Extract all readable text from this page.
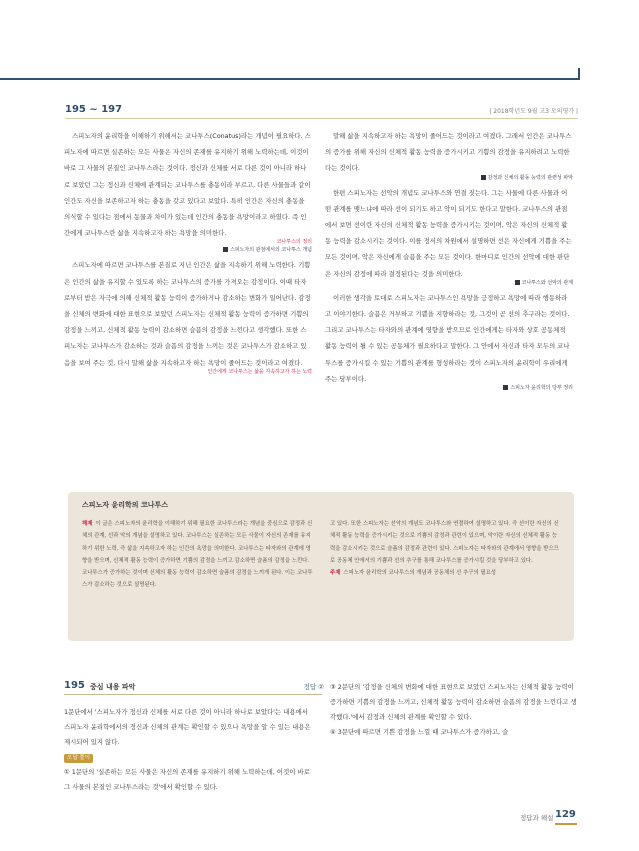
195 ~ 197	| 2018학년도 9월 고3 모의평가 |

스피노자의 윤리학을 이해하기 위해서는 코나투스(Conatus)라는 개념이 필요하다. 스피노자에 따르면 실존하는 모든 사물은 자신의 존재를 유지하기 위해 노력하는데, 이것이 바로 그 사물의 본질인 코나투스라는 것이다. 정신과 신체를 서로 다른 것이 아니라 하나로 보았던 그는 정신과 신체에 관계되는 코나투스를 충동이라 부르고, 다른 사물들과 같이 인간도 자신을 보존하고자 하는 충동을 갖고 있다고 보았다. 특히 인간은 자신의 충동을 의식할 수 있다는 점에서 동물과 차이가 있는데 인간의 충동을 욕망이라고 하였다. 즉 인간에게 코나투스란 삶을 지속하고자 하는 욕망을 의미한다.

코나투스의 정의
스피노자의 관점에서의 코나투스 개념

스피노자에 따르면 코나투스를 본질로 지닌 인간은 삶을 지속하기 위해 노력한다. 기쁨은 인간의 삶을 유지할 수 있도록 하는 코나투스의 증가를 가져오는 감정이다. 이때 타자로부터 받은 자극에 의해 신체적 활동 능력이 증가하거나 감소하는 변화가 일어난다. 감정을 신체의 변화에 대한 표현으로 보았던 스피노자는 신체적 활동 능력이 증가하면 기쁨의 감정을 느끼고, 신체적 활동 능력이 감소하면 슬픔의 감정을 느낀다고 생각했다. 또한 스피노자는 코나투스가 감소하는 것과 슬픔의 감정을 느끼는 것은 코나투스가 감소하고 있음을 보여 주는 것, 다시 말해 삶을 지속하고자 하는 욕망이 줄어드는 것이라고 여겼다.

인간에게 코나투스는 삶을 지속하고자 하는 노력

말해 삶을 지속하고자 하는 욕망이 줄어드는 것이라고 여겼다. 그래서 인간은 코나투스의 증가를 위해 자신의 신체적 활동 능력을 증가시키고 기쁨의 감정을 유지하려고 노력한다는 것이다.

감정과 신체의 활동 능력의 관련성 파악

한편 스피노자는 선악의 개념도 코나투스와 연결 짓는다. 그는 사물에 다른 사물과 어떤 관계를 맺느냐에 따라 선이 되기도 하고 악이 되기도 한다고 말한다. 코나투스의 관점에서 보면 선이란 자신의 신체적 활동 능력을 증가시키는 것이며, 악은 자신의 신체적 활동 능력을 감소시키는 것이다. 이를 정서의 차원에서 설명하면 선은 자신에게 기쁨을 주는 모든 것이며, 악은 자신에게 슬픔을 주는 모든 것이다. 한마디로 인간의 선악에 대한 판단은 자신의 감정에 따라 결정된다는 것을 의미한다.

코나투스와 선악의 관계

이러한 생각을 토대로 스피노자는 코나투스인 욕망을 긍정하고 욕망에 따라 행동하라고 이야기한다. 슬픔은 거부하고 기쁨을 지향하라는 것, 그것이 곧 선의 추구라는 것이다. 그리고 코나투스는 타자와의 관계에 영향을 받으므로 인간에게는 타자와 상호 공동체적 활동 능력이 될 수 있는 공동체가 필요하다고 말한다. 그 안에서 자신과 타자 모두의 코나투스를 증가시킬 수 있는 기쁨의 관계를 형성하라는 것이 스피노자의 윤리학이 우리에게 주는 당부이다.

스피노자 윤리학의 당부 정리
스피노자 윤리학의 코나투스
해제 이 글은 스피노자의 윤리학을 이해하기 위해 필요한 코나투스라는 개념을 중심으로 감정과 신체의 관계, 선과 악의 개념을 설명하고 있다. 코나투스는 실존하는 모든 사물이 자신의 존재를 유지하기 위한 노력, 즉 삶을 지속하고자 하는 인간의 욕망을 의미한다. 코나투스는 타자와의 관계에 영향을 받으며, 신체적 활동 능력이 증가하면 기쁨의 감정을 느끼고 감소하면 슬픔의 감정을 느낀다. 코나투스가 증가하는 것이며 신체의 활동 능력이 감소하면 슬픔의 감정을 느끼게 된다. 이는 코나투스가 감소하는 것으로 설명된다.
고 있다. 또한 스피노자는 선악의 개념도 코나투스와 연결하여 설명하고 있다. 즉 선이란 자신의 신체적 활동 능력을 증가시키는 것으로 기쁨의 감정과 관련이 있으며, 악이란 자신의 신체적 활동 능력을 감소시키는 것으로 슬픔의 감정과 관련이 있다. 스피노자는 타자와의 관계에서 영향을 받으므로 공동체 안에서의 기쁨과 선의 추구를 통해 코나투스를 증가시킬 것을 당부하고 있다.
주제 스피노자 윤리학의 코나투스의 개념과 공동체의 선 추구의 필요성
195 중심 내용 파악	정답 ②
1문단에서 '스피노자가 정신과 신체를 서로 다른 것이 아니라 하나로 보았다'는 내용에서 스피노자 윤리학에서의 정신과 신체의 관계는 확인할 수 있으나 욕망을 알 수 있는 내용은 제시되어 있지 않다.
오답 풀이
① 1문단의 '실존하는 모든 사물은 자신의 존재를 유지하기 위해 노력하는데, 이것이 바로 그 사물의 본질인 코나투스라는 것'에서 확인할 수 있다.
③ 2문단의 '감정을 신체의 변화에 대한 표현으로 보았던 스피노자는 신체적 활동 능력이 증가하면 기쁨의 감정을 느끼고, 신체적 활동 능력이 감소하면 슬픔의 감정을 느낀다고 생각했다.'에서 감정과 신체의 관계를 확인할 수 있다.
④ 3문단에 따르면 기쁜 감정을 느낄 때 코나투스가 증가하고, 슬
정답과 해설 129
